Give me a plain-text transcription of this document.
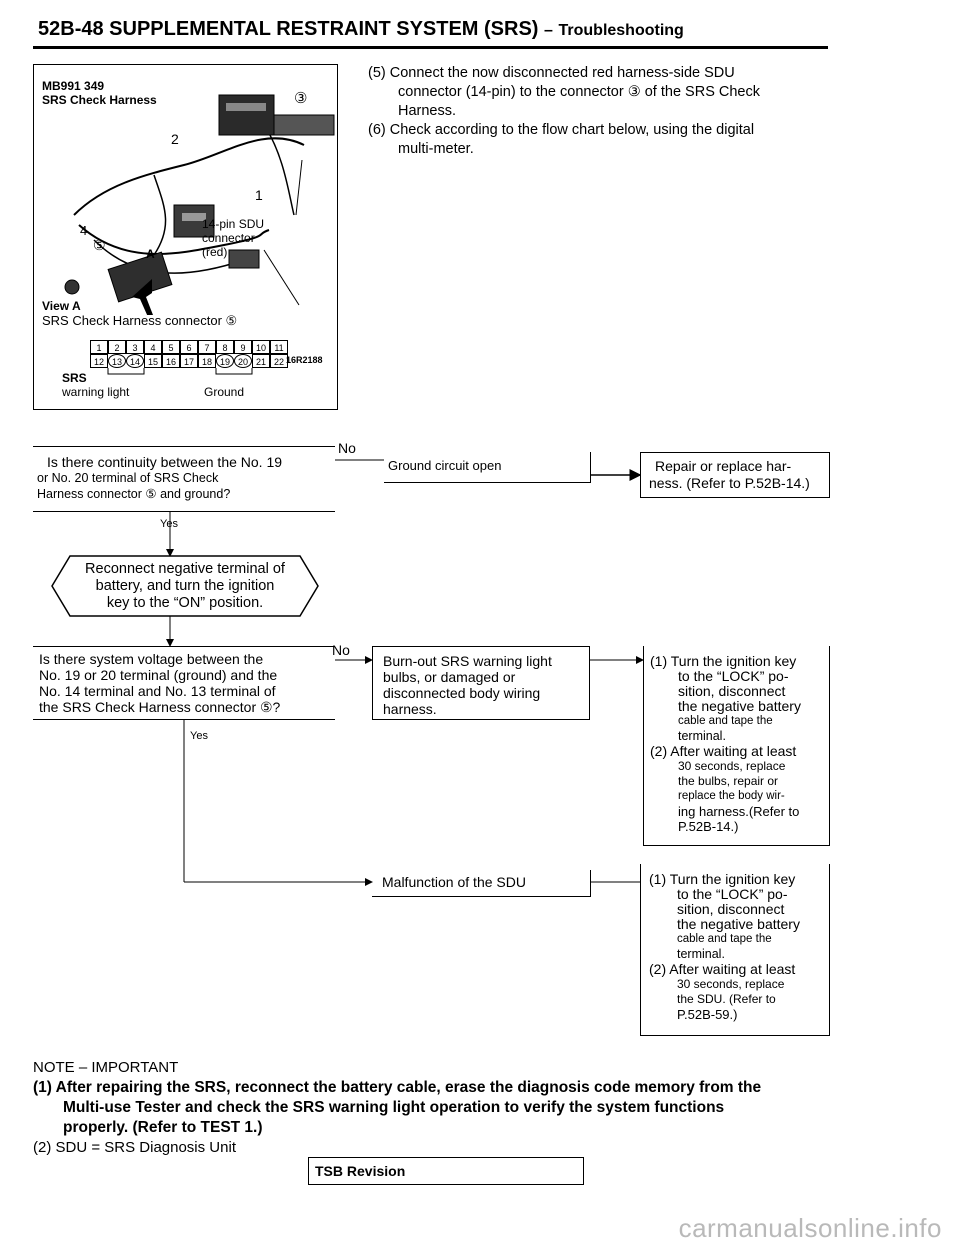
52B-48 SUPPLEMENTAL RESTRAINT SYSTEM (SRS) – Troubleshooting
MB991 349
SRS Check Harness	③
2
1
4
⑤
A
14-pin SDU
connector
(red)
View A
SRS Check Harness connector ⑤
1	2	3	4	5	6	7	8	9	10 11
12 13 14 15 16 17 18 19 20 21 22 16R2188
SRS
warning light	Ground
(5) Connect the now disconnected red harness-side SDU
connector (14-pin) to the connector ③ of the SRS Check
Harness.
(6) Check according to the flow chart below, using the digital
multi-meter.
Is there continuity between the No. 19
or No. 20 terminal of SRS Check
Harness connector ⑤ and ground?
No
Yes
Ground circuit open	Repair or replace har-
ness. (Refer to P.52B-14.)
Reconnect negative terminal of
battery, and turn the ignition
key to the “ON” position.
Is there system voltage between the
No. 19 or 20 terminal (ground) and the
No. 14 terminal and No. 13 terminal of
the SRS Check Harness connector ⑤?
No
Yes
Burn-out SRS warning light
bulbs, or damaged or
disconnected body wiring
harness.
(1) Turn the ignition key
to the “LOCK” po-
sition, disconnect
the negative battery
cable and tape the
terminal.
(2) After waiting at least
30 seconds, replace
the bulbs, repair or
replace the body wir-
ing harness.(Refer to
P.52B-14.)
Malfunction of the SDU	(1) Turn the ignition key
to the “LOCK” po-
sition, disconnect
the negative battery
cable and tape the
terminal.
(2) After waiting at least
30 seconds, replace
the SDU. (Refer to
P.52B-59.)
NOTE – IMPORTANT
(1) After repairing the SRS, reconnect the battery cable, erase the diagnosis code memory from the
Multi-use Tester and check the SRS warning light operation to verify the system functions
properly. (Refer to TEST 1.)
(2) SDU = SRS Diagnosis Unit
TSB Revision
carmanualsonline.info
